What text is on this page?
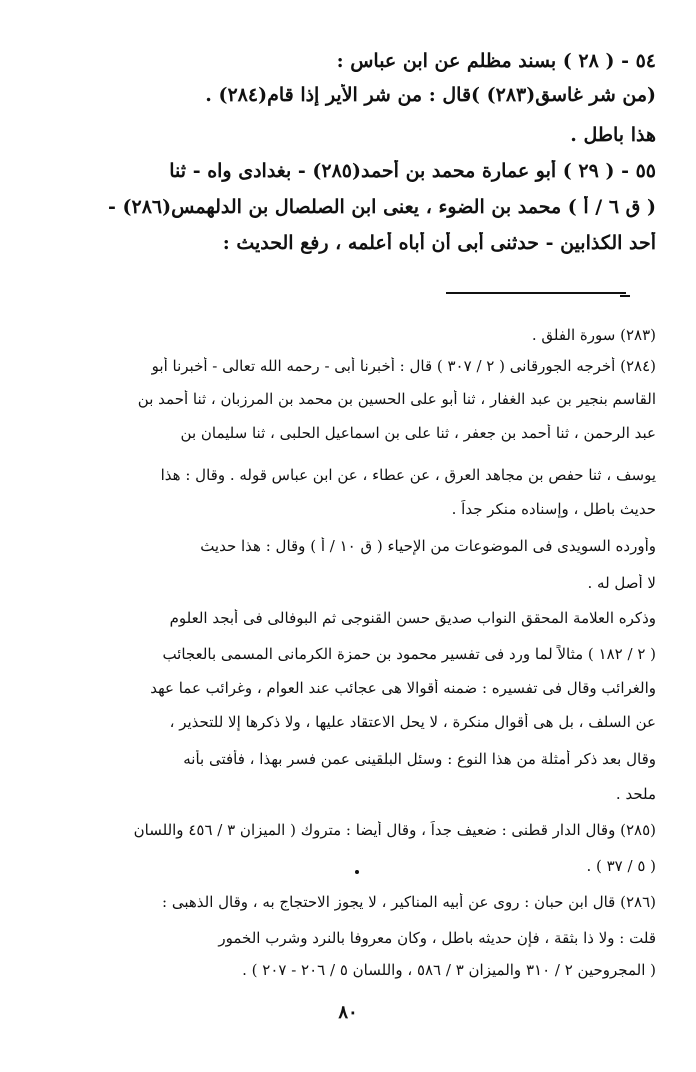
٥٤ - ( ٢٨ ) بسند مظلم عن ابن عباس :
(من شر غاسق(٢٨٣) )قال : من شر الأير إذا قام(٢٨٤) .
هذا باطل .
٥٥ - ( ٢٩ ) أبو عمارة محمد بن أحمد(٢٨٥) - بغدادى واه - ثنا
( ق ٦ / أ ) محمد بن الضوء ، يعنى ابن الصلصال بن الدلهمس(٢٨٦) -
أحد الكذابين - حدثنى أبى أن أباه أعلمه ، رفع الحديث :
(٢٨٣) سورة الفلق .
(٢٨٤) أخرجه الجورقانى ( ٢ / ٣٠٧ ) قال : أخبرنا أبى - رحمه الله تعالى - أخبرنا أبو
القاسم بنجير بن عبد الغفار ، ثنا أبو على الحسين بن محمد بن المرزبان ، ثنا أحمد بن
عبد الرحمن ، ثنا أحمد بن جعفر ، ثنا على بن اسماعيل الحلبى ، ثنا سليمان بن
يوسف ، ثنا حفص بن مجاهد العرق ، عن عطاء ، عن ابن عباس قوله . وقال : هذا
حديث باطل ، وإسناده منكر جداً .
وأورده السويدى فى الموضوعات من الإحياء ( ق ١٠ / أ ) وقال : هذا حديث
لا أصل له .
وذكره العلامة المحقق النواب صديق حسن القنوجى ثم البوفالى فى أبجد العلوم
( ٢ / ١٨٢ ) مثالاً لما ورد فى تفسير محمود بن حمزة الكرمانى المسمى بالعجائب
والغرائب وقال فى تفسيره : ضمنه أقوالا هى عجائب عند العوام ، وغرائب عما عهد
عن السلف ، بل هى أقوال منكرة ، لا يحل الاعتقاد عليها ، ولا ذكرها إلا للتحذير ،
وقال بعد ذكر أمثلة من هذا النوع : وسئل البلقينى عمن فسر بهذا ، فأفتى بأنه
ملحد .
(٢٨٥) وقال الدار قطنى : ضعيف جداً ، وقال أيضا : متروك ( الميزان ٣ / ٤٥٦ واللسان
( ٥ / ٣٧ ) .
(٢٨٦) قال ابن حبان : روى عن أبيه المناكير ، لا يجوز الاحتجاج به ، وقال الذهبى :
قلت : ولا ذا بثقة ، فإن حديثه باطل ، وكان معروفا بالنرد وشرب الخمور
( المجروحين ٢ / ٣١٠ والميزان ٣ / ٥٨٦ ، واللسان ٥ / ٢٠٦ - ٢٠٧ ) .
٨٠
